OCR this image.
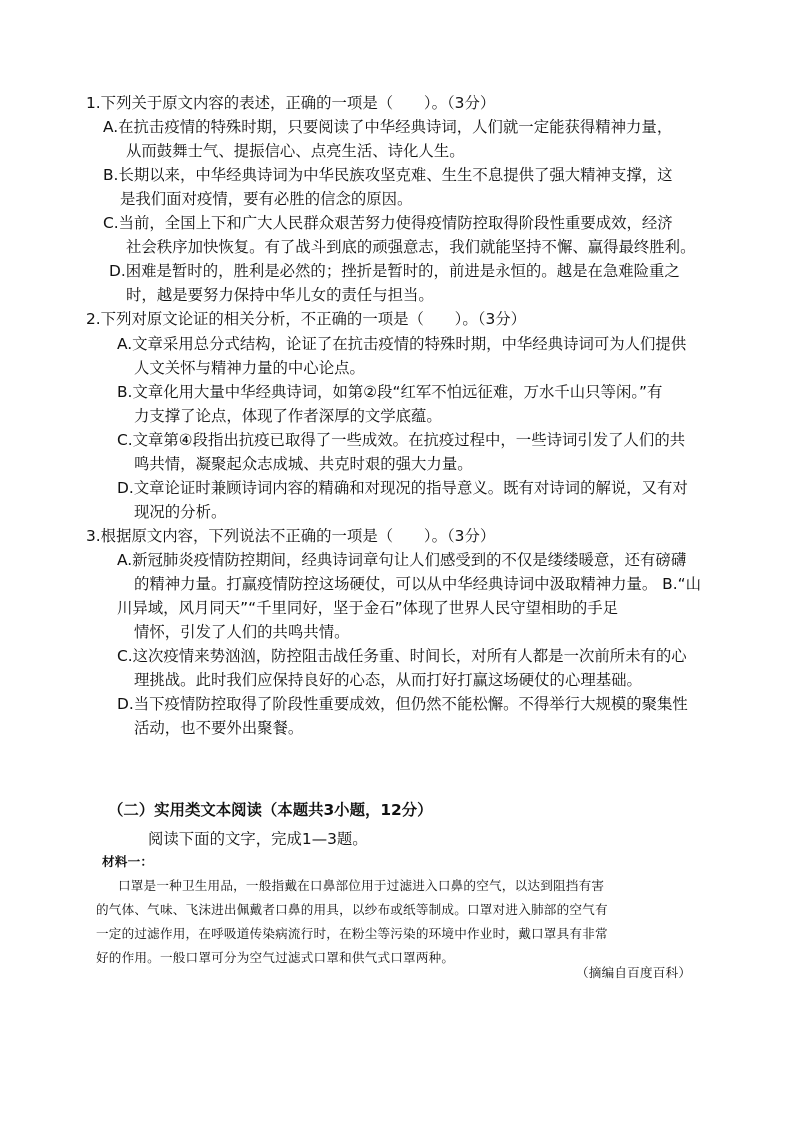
1.下列关于原文内容的表述，正确的一项是（　　）。（3分）
A.在抗击疫情的特殊时期，只要阅读了中华经典诗词，人们就一定能获得精神力量，
从而鼓舞士气、提振信心、点亮生活、诗化人生。
B.长期以来，中华经典诗词为中华民族攻坚克难、生生不息提供了强大精神支撑，这
是我们面对疫情，要有必胜的信念的原因。
C.当前，全国上下和广大人民群众艰苦努力使得疫情防控取得阶段性重要成效，经济
社会秩序加快恢复。有了战斗到底的顽强意志，我们就能坚持不懈、赢得最终胜利。
D.困难是暂时的，胜利是必然的；挫折是暂时的，前进是永恒的。越是在急难险重之
时，越是要努力保持中华儿女的责任与担当。
2.下列对原文论证的相关分析，不正确的一项是（　　）。（3分）
A.文章采用总分式结构，论证了在抗击疫情的特殊时期，中华经典诗词可为人们提供
人文关怀与精神力量的中心论点。
B.文章化用大量中华经典诗词，如第②段“红军不怕远征难，万水千山只等闲。”有
力支撑了论点，体现了作者深厚的文学底蕴。
C.文章第④段指出抗疫已取得了一些成效。在抗疫过程中，一些诗词引发了人们的共
鸣共情，凝聚起众志成城、共克时艰的强大力量。
D.文章论证时兼顾诗词内容的精确和对现况的指导意义。既有对诗词的解说，又有对
现况的分析。
3.根据原文内容，下列说法不正确的一项是（　　）。（3分）
A.新冠肺炎疫情防控期间，经典诗词章句让人们感受到的不仅是缕缕暖意，还有磅礴
的精神力量。打赢疫情防控这场硬仗，可以从中华经典诗词中汲取精神力量。 B.“山
川异域，风月同天”“千里同好，坚于金石”体现了世界人民守望相助的手足
情怀，引发了人们的共鸣共情。
C.这次疫情来势汹汹，防控阻击战任务重、时间长，对所有人都是一次前所未有的心
理挑战。此时我们应保持良好的心态，从而打好打赢这场硬仗的心理基础。
D.当下疫情防控取得了阶段性重要成效，但仍然不能松懈。不得举行大规模的聚集性
活动，也不要外出聚餐。
（二）实用类文本阅读（本题共3小题，12分）
阅读下面的文字，完成1—3题。
材料一：
口罩是一种卫生用品，一般指戴在口鼻部位用于过滤进入口鼻的空气，以达到阻挡有害
的气体、气味、飞沫进出佩戴者口鼻的用具，以纱布或纸等制成。口罩对进入肺部的空气有
一定的过滤作用，在呼吸道传染病流行时，在粉尘等污染的环境中作业时，戴口罩具有非常
好的作用。一般口罩可分为空气过滤式口罩和供气式口罩两种。
（摘编自百度百科）
